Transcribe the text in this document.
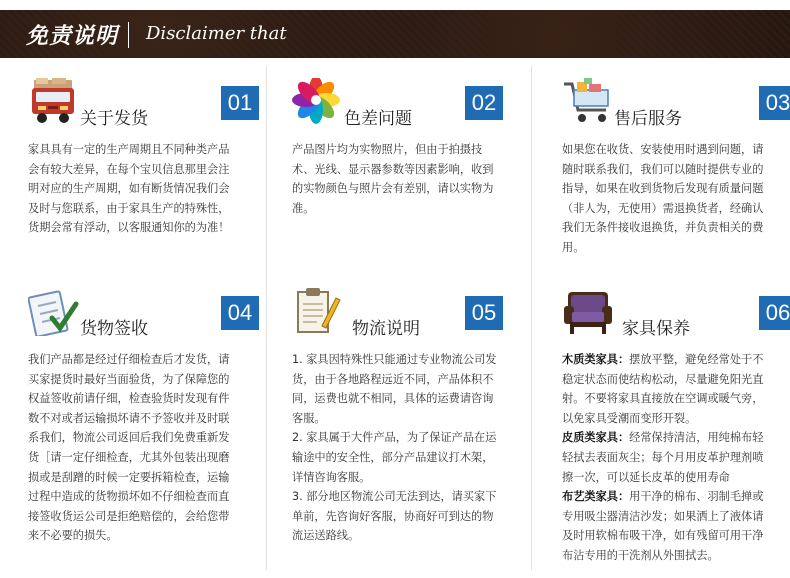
免责说明 Disclaimer that
关于发货
01
家具具有一定的生产周期且不同种类产品会有较大差异，在每个宝贝信息那里会注明对应的生产周期，如有断货情况我们会及时与您联系，由于家具生产的特殊性，货期会常有浮动，以客服通知你的为准！
色差问题
02
产品图片均为实物照片，但由于拍摄技术、光线、显示器参数等因素影响，收到的实物颜色与照片会有差别，请以实物为准。
售后服务
03
如果您在收货、安装使用时遇到问题，请随时联系我们，我们可以随时提供专业的指导，如果在收到货物后发现有质量问题（非人为，无使用）需退换货者，经确认我们无条件接收退换货，并负责相关的费用。
货物签收
04
我们产品都是经过仔细检查后才发货，请买家提货时最好当面验货，为了保障您的权益签收前请仔细，检查验货时发现有件数不对或者运输损坏请不予签收并及时联系我们，物流公司返回后我们免费重新发货［请一定仔细检查，尤其外包装出现磨损或是刮蹭的时候一定要拆箱检查，运输过程中造成的货物损坏如不仔细检查而直接签收货运公司是拒绝赔偿的，会给您带来不必要的损失。
物流说明
05

1. 家具因特殊性只能通过专业物流公司发货，由于各地路程远近不同，产品体积不同，运费也就不相同，具体的运费请咨询客服。

2. 家具属于大件产品，为了保证产品在运输途中的安全性，部分产品建议打木架，详情咨询客服。

3. 部分地区物流公司无法到达，请买家下单前，先咨询好客服，协商好可到达的物流运送路线。

家具保养
06

木质类家具：摆放平整，避免经常处于不稳定状态而使结构松动，尽量避免阳光直射。不要将家具直接放在空调或暖气旁，以免家具受潮而变形开裂。

皮质类家具：经常保持清洁，用纯棉布轻轻拭去表面灰尘；每个月用皮革护理剂喷擦一次，可以延长皮革的使用寿命

布艺类家具：用干净的棉布、羽制毛掸或专用吸尘器清洁沙发；如果洒上了液体请及时用软棉布吸干净，如有残留可用干净布沾专用的干洗剂从外围拭去。
